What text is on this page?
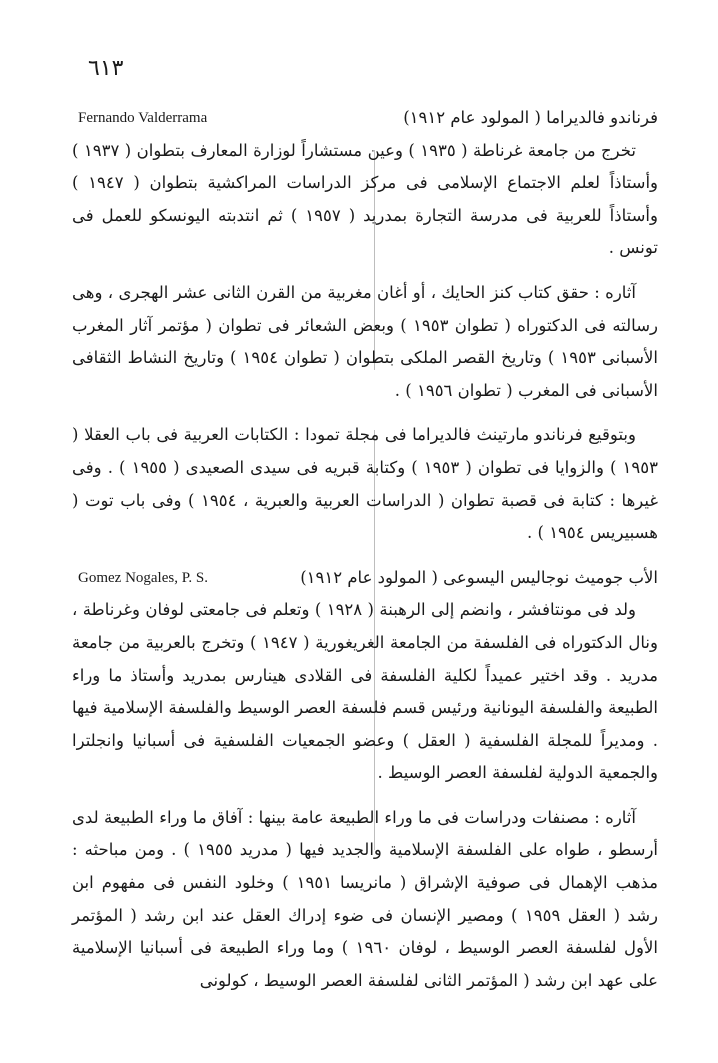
٦١٣

Fernando Valderrama	فرناندو فالديراما ( المولود عام ١٩١٢)

تخرج من جامعة غرناطة ( ١٩٣٥ ) وعين مستشاراً لوزارة المعارف بتطوان ( ١٩٣٧ ) وأستاذاً لعلم الاجتماع الإسلامى فى مركز الدراسات المراكشية بتطوان ( ١٩٤٧ ) وأستاذاً للعربية فى مدرسة التجارة بمدريد ( ١٩٥٧ ) ثم انتدبته اليونسكو للعمل فى تونس .

آثاره : حقق كتاب كنز الحايك ، أو أغان مغربية من القرن الثانى عشر الهجرى ، وهى رسالته فى الدكتوراه ( تطوان ١٩٥٣ ) وبعض الشعائر فى تطوان ( مؤتمر آثار المغرب الأسبانى ١٩٥٣ ) وتاريخ القصر الملكى بتطوان ( تطوان ١٩٥٤ ) وتاريخ النشاط الثقافى الأسبانى فى المغرب ( تطوان ١٩٥٦ ) .

وبتوقيع فرناندو مارتينث فالديراما فى مجلة تمودا : الكتابات العربية فى باب العقلا ( ١٩٥٣ ) والزوايا فى تطوان ( ١٩٥٣ ) وكتابة قبريه فى سيدى الصعيدى ( ١٩٥٥ ) . وفى غيرها : كتابة فى قصبة تطوان ( الدراسات العربية والعبرية ، ١٩٥٤ ) وفى باب توت ( هسبيريس ١٩٥٤ ) .

Gomez Nogales, P. S.	الأب جوميث نوجاليس اليسوعى ( المولود عام ١٩١٢)

ولد فى مونتافشر ، وانضم إلى الرهبنة ( ١٩٢٨ ) وتعلم فى جامعتى لوفان وغرناطة ، ونال الدكتوراه فى الفلسفة من الجامعة الغريغورية ( ١٩٤٧ ) وتخرج بالعربية من جامعة مدريد . وقد اختير عميداً لكلية الفلسفة فى القلادى هينارس بمدريد وأستاذ ما وراء الطبيعة والفلسفة اليونانية ورئيس قسم فلسفة العصر الوسيط والفلسفة الإسلامية فيها . ومديراً للمجلة الفلسفية ( العقل ) وعضو الجمعيات الفلسفية فى أسبانيا وانجلترا والجمعية الدولية لفلسفة العصر الوسيط .

آثاره : مصنفات ودراسات فى ما وراء الطبيعة عامة بينها : آفاق ما وراء الطبيعة لدى أرسطو ، طواه على الفلسفة الإسلامية والجديد فيها ( مدريد ١٩٥٥ ) . ومن مباحثه : مذهب الإهمال فى صوفية الإشراق ( مانريسا ١٩٥١ ) وخلود النفس فى مفهوم ابن رشد ( العقل ١٩٥٩ ) ومصير الإنسان فى ضوء إدراك العقل عند ابن رشد ( المؤتمر الأول لفلسفة العصر الوسيط ، لوفان ١٩٦٠ ) وما وراء الطبيعة فى أسبانيا الإسلامية على عهد ابن رشد ( المؤتمر الثانى لفلسفة العصر الوسيط ، كولونى
